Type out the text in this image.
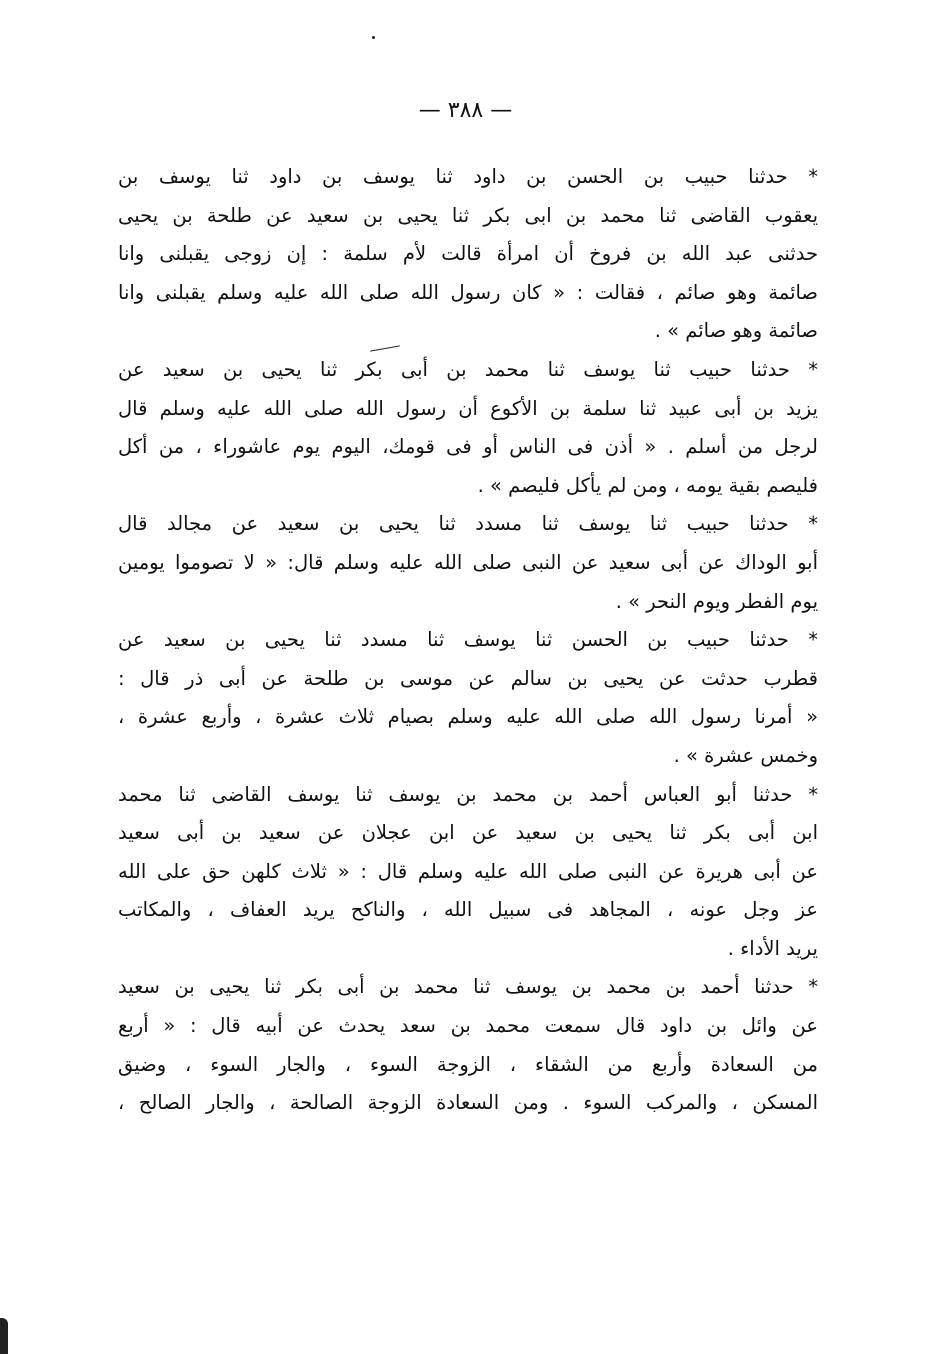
— ٣٨٨ —
* حدثنا حبيب بن الحسن بن داود ثنا يوسف بن داود ثنا يوسف بن
يعقوب القاضى ثنا محمد بن ابى بكر ثنا يحيى بن سعيد عن طلحة بن يحيى
حدثنى عبد الله بن فروخ أن امرأة قالت لأم سلمة : إن زوجى يقبلنى وانا
صائمة وهو صائم ، فقالت : « كان رسول الله صلى الله عليه وسلم يقبلنى وانا
صائمة وهو صائم » .
* حدثنا حبيب ثنا يوسف ثنا محمد بن أبى بكر ثنا يحيى بن سعيد عن
يزيد بن أبى عبيد ثنا سلمة بن الأكوع أن رسول الله صلى الله عليه وسلم قال
لرجل من أسلم . « أذن فى الناس أو فى قومك، اليوم يوم عاشوراء ، من أكل
فليصم بقية يومه ، ومن لم يأكل فليصم » .
* حدثنا حبيب ثنا يوسف ثنا مسدد ثنا يحيى بن سعيد عن مجالد قال
أبو الوداك عن أبى سعيد عن النبى صلى الله عليه وسلم قال: « لا تصوموا يومين
يوم الفطر ويوم النحر » .
* حدثنا حبيب بن الحسن ثنا يوسف ثنا مسدد ثنا يحيى بن سعيد عن
قطرب حدثت عن يحيى بن سالم عن موسى بن طلحة عن أبى ذر قال :
« أمرنا رسول الله صلى الله عليه وسلم بصيام ثلاث عشرة ، وأربع عشرة ،
وخمس عشرة » .
* حدثنا أبو العباس أحمد بن محمد بن يوسف ثنا يوسف القاضى ثنا محمد
ابن أبى بكر ثنا يحيى بن سعيد عن ابن عجلان عن سعيد بن أبى سعيد
عن أبى هريرة عن النبى صلى الله عليه وسلم قال : « ثلاث كلهن حق على الله
عز وجل عونه ، المجاهد فى سبيل الله ، والناكح يريد العفاف ، والمكاتب
يريد الأداء .
* حدثنا أحمد بن محمد بن يوسف ثنا محمد بن أبى بكر ثنا يحيى بن سعيد
عن وائل بن داود قال سمعت محمد بن سعد يحدث عن أبيه قال : « أربع
من السعادة وأربع من الشقاء ، الزوجة السوء ، والجار السوء ، وضيق
المسكن ، والمركب السوء . ومن السعادة الزوجة الصالحة ، والجار الصالح ،
